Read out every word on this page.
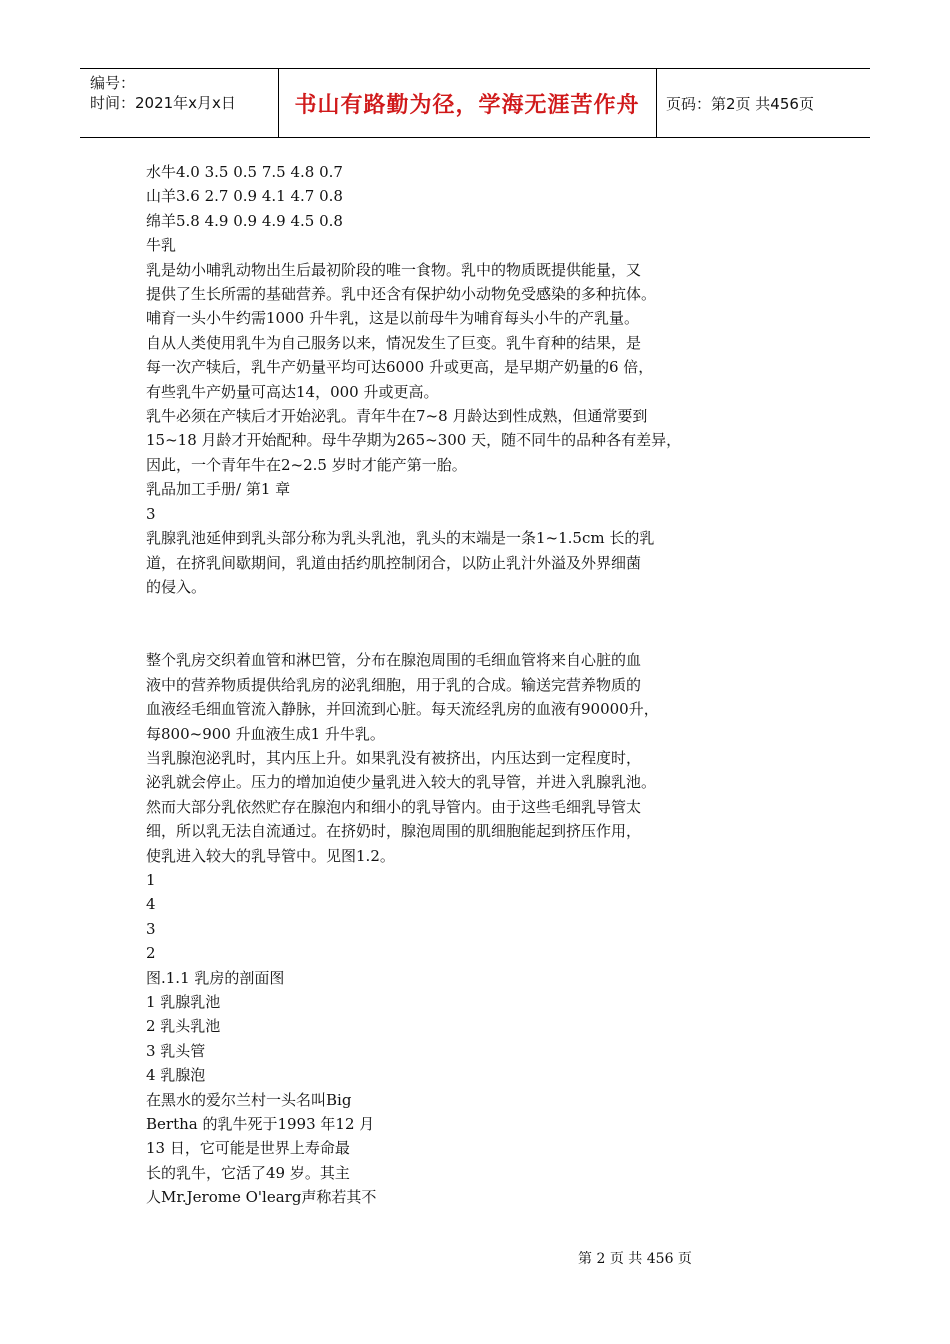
编号：
时间：2021年x月x日	书山有路勤为径，学海无涯苦作舟	页码：第2页 共456页

水牛4.0 3.5 0.5 7.5 4.8 0.7

山羊3.6 2.7 0.9 4.1 4.7 0.8

绵羊5.8 4.9 0.9 4.9 4.5 0.8

牛乳

乳是幼小哺乳动物出生后最初阶段的唯一食物。乳中的物质既提供能量，又

提供了生长所需的基础营养。乳中还含有保护幼小动物免受感染的多种抗体。

哺育一头小牛约需1000 升牛乳，这是以前母牛为哺育每头小牛的产乳量。

自从人类使用乳牛为自己服务以来，情况发生了巨变。乳牛育种的结果，是

每一次产犊后，乳牛产奶量平均可达6000 升或更高，是早期产奶量的6 倍，

有些乳牛产奶量可高达14，000 升或更高。

乳牛必须在产犊后才开始泌乳。青年牛在7~8 月龄达到性成熟，但通常要到

15~18 月龄才开始配种。母牛孕期为265~300 天，随不同牛的品种各有差异，

因此，一个青年牛在2~2.5 岁时才能产第一胎。

乳品加工手册/ 第1 章

3

乳腺乳池延伸到乳头部分称为乳头乳池，乳头的末端是一条1~1.5cm 长的乳

道，在挤乳间歇期间，乳道由括约肌控制闭合，以防止乳汁外溢及外界细菌

的侵入。

整个乳房交织着血管和淋巴管，分布在腺泡周围的毛细血管将来自心脏的血

液中的营养物质提供给乳房的泌乳细胞，用于乳的合成。输送完营养物质的

血液经毛细血管流入静脉，并回流到心脏。每天流经乳房的血液有90000升，

每800~900 升血液生成1 升牛乳。

当乳腺泡泌乳时，其内压上升。如果乳没有被挤出，内压达到一定程度时，

泌乳就会停止。压力的增加迫使少量乳进入较大的乳导管，并进入乳腺乳池。

然而大部分乳依然贮存在腺泡内和细小的乳导管内。由于这些毛细乳导管太

细，所以乳无法自流通过。在挤奶时，腺泡周围的肌细胞能起到挤压作用，

使乳进入较大的乳导管中。见图1.2。

1

4

3

2

图.1.1 乳房的剖面图

1 乳腺乳池

2 乳头乳池

3 乳头管

4 乳腺泡

在黑水的爱尔兰村一头名叫Big

Bertha 的乳牛死于1993 年12 月

13 日，它可能是世界上寿命最

长的乳牛，它活了49 岁。其主

人Mr.Jerome O'learg声称若其不

第 2 页 共 456 页
